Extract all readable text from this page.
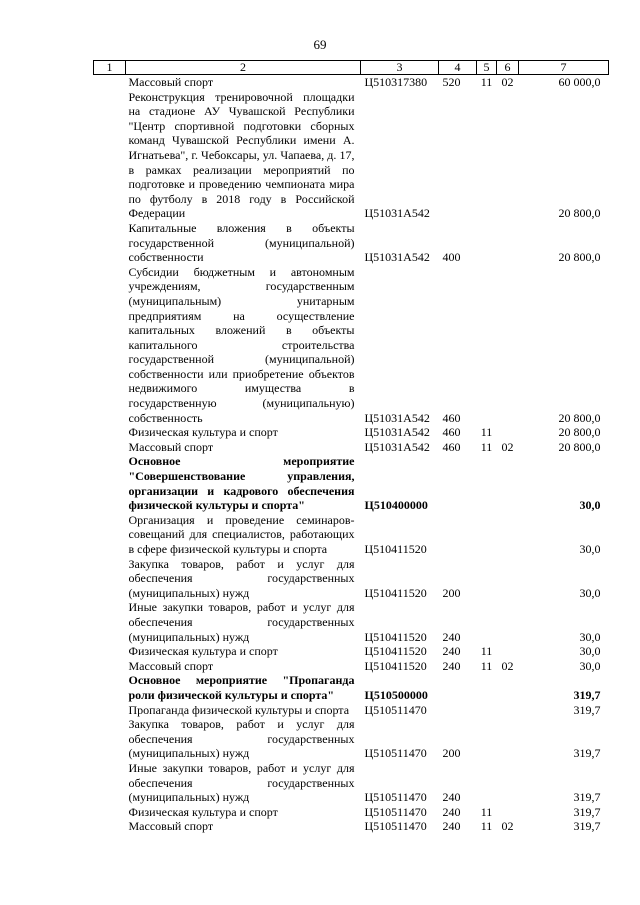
69
1	2	3	4	5	6	7
	Массовый спорт	Ц510317380	520	11	02	60 000,0
	Реконструкция тренировочной площадки на стадионе АУ Чувашской Республики "Центр спортивной подготовки сборных команд Чувашской Республики имени А. Игнатьева", г. Чебоксары, ул. Чапаева, д. 17, в рамках реализации мероприятий по подготовке и проведению чемпионата мира по футболу в 2018 году в Российской Федерации	Ц51031А542				20 800,0
	Капитальные вложения в объекты государственной (муниципальной) собственности	Ц51031А542	400			20 800,0
	Субсидии бюджетным и автономным учреждениям, государственным (муниципальным) унитарным предприятиям на осуществление капитальных вложений в объекты капитального строительства государственной (муниципальной) собственности или приобретение объектов недвижимого имущества в государственную (муниципальную) собственность	Ц51031А542	460			20 800,0
	Физическая культура и спорт	Ц51031А542	460	11		20 800,0
	Массовый спорт	Ц51031А542	460	11	02	20 800,0
	Основное мероприятие "Совершенствование управления, организации и кадрового обеспечения физической культуры и спорта"	Ц510400000				30,0
	Организация и проведение семинаров-совещаний для специалистов, работающих в сфере физической культуры и спорта	Ц510411520				30,0
	Закупка товаров, работ и услуг для обеспечения государственных (муниципальных) нужд	Ц510411520	200			30,0
	Иные закупки товаров, работ и услуг для обеспечения государственных (муниципальных) нужд	Ц510411520	240			30,0
	Физическая культура и спорт	Ц510411520	240	11		30,0
	Массовый спорт	Ц510411520	240	11	02	30,0
	Основное мероприятие "Пропаганда роли физической культуры и спорта"	Ц510500000				319,7
	Пропаганда физической культуры и спорта	Ц510511470				319,7
	Закупка товаров, работ и услуг для обеспечения государственных (муниципальных) нужд	Ц510511470	200			319,7
	Иные закупки товаров, работ и услуг для обеспечения государственных (муниципальных) нужд	Ц510511470	240			319,7
	Физическая культура и спорт	Ц510511470	240	11		319,7
	Массовый спорт	Ц510511470	240	11	02	319,7
